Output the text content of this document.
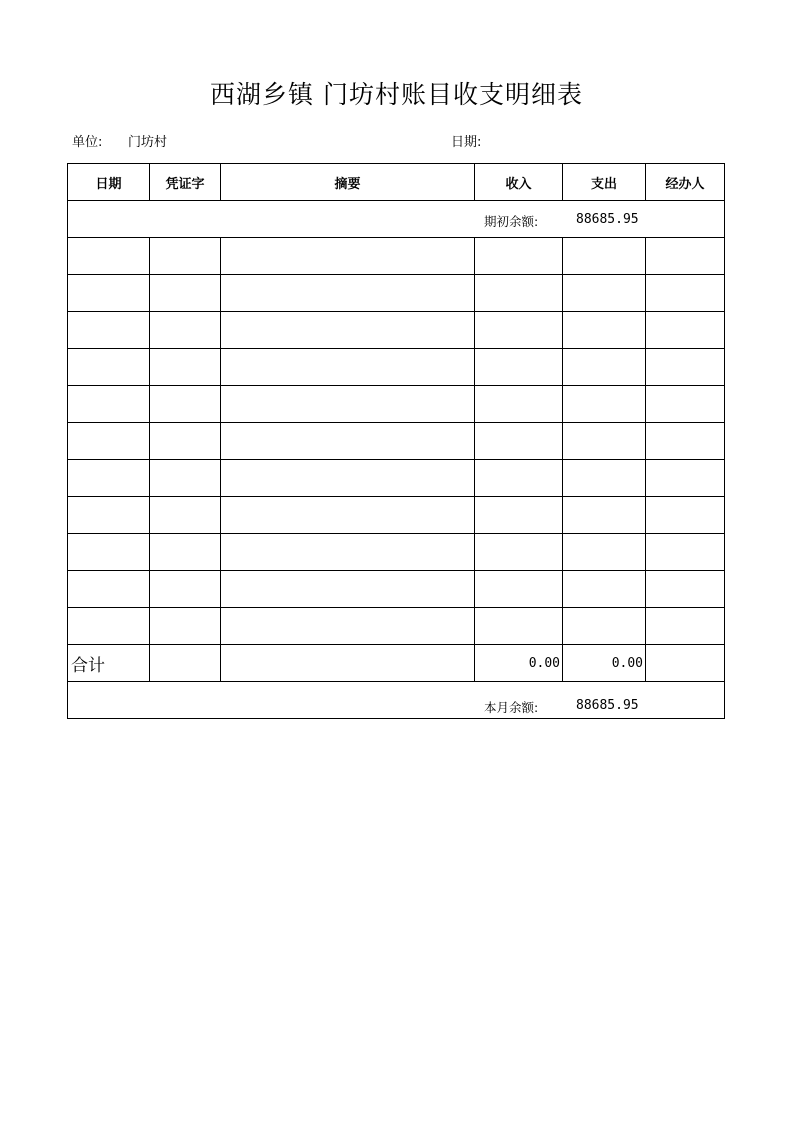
西湖乡镇 门坊村账目收支明细表
单位: 门坊村	日期:
日期	凭证字	摘要	收入	支出	经办人

期初余额: 88685.95					

合计			0.00	0.00	

本月余额: 88685.95					
